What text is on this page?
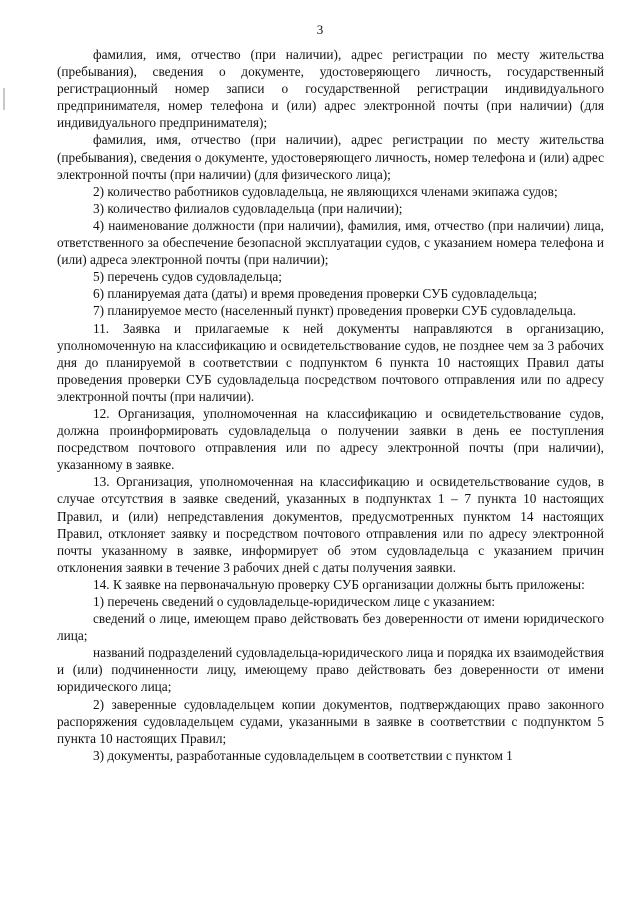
3

фамилия, имя, отчество (при наличии), адрес регистрации по месту жительства (пребывания), сведения о документе, удостоверяющего личность, государственный регистрационный номер записи о государственной регистрации индивидуального предпринимателя, номер телефона и (или) адрес электронной почты (при наличии) (для индивидуального предпринимателя);

фамилия, имя, отчество (при наличии), адрес регистрации по месту жительства (пребывания), сведения о документе, удостоверяющего личность, номер телефона и (или) адрес электронной почты (при наличии) (для физического лица);

2) количество работников судовладельца, не являющихся членами экипажа судов;

3) количество филиалов судовладельца (при наличии);

4) наименование должности (при наличии), фамилия, имя, отчество (при наличии) лица, ответственного за обеспечение безопасной эксплуатации судов, с указанием номера телефона и (или) адреса электронной почты (при наличии);

5) перечень судов судовладельца;

6) планируемая дата (даты) и время проведения проверки СУБ судовладельца;

7) планируемое место (населенный пункт) проведения проверки СУБ судовладельца.

11. Заявка и прилагаемые к ней документы направляются в организацию, уполномоченную на классификацию и освидетельствование судов, не позднее чем за 3 рабочих дня до планируемой в соответствии с подпунктом 6 пункта 10 настоящих Правил даты проведения проверки СУБ судовладельца посредством почтового отправления или по адресу электронной почты (при наличии).

12. Организация, уполномоченная на классификацию и освидетельствование судов, должна проинформировать судовладельца о получении заявки в день ее поступления посредством почтового отправления или по адресу электронной почты (при наличии), указанному в заявке.

13. Организация, уполномоченная на классификацию и освидетельствование судов, в случае отсутствия в заявке сведений, указанных в подпунктах 1 – 7 пункта 10 настоящих Правил, и (или) непредставления документов, предусмотренных пунктом 14 настоящих Правил, отклоняет заявку и посредством почтового отправления или по адресу электронной почты указанному в заявке, информирует об этом судовладельца с указанием причин отклонения заявки в течение 3 рабочих дней с даты получения заявки.

14. К заявке на первоначальную проверку СУБ организации должны быть приложены:

1) перечень сведений о судовладельце-юридическом лице с указанием:

сведений о лице, имеющем право действовать без доверенности от имени юридического лица;

названий подразделений судовладельца-юридического лица и порядка их взаимодействия и (или) подчиненности лицу, имеющему право действовать без доверенности от имени юридического лица;

2) заверенные судовладельцем копии документов, подтверждающих право законного распоряжения судовладельцем судами, указанными в заявке в соответствии с подпунктом 5 пункта 10 настоящих Правил;

3) документы, разработанные судовладельцем в соответствии с пунктом 1
